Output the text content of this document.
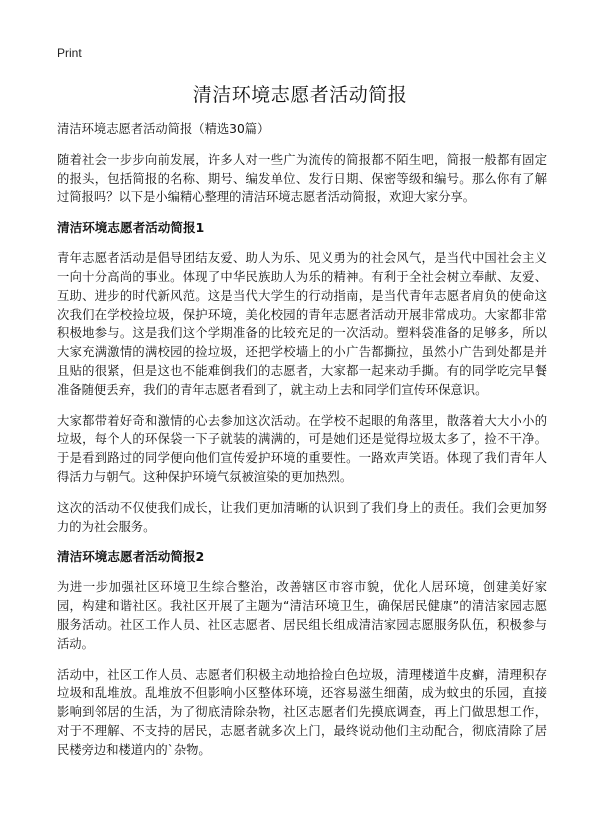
Print
清洁环境志愿者活动简报

清洁环境志愿者活动简报（精选30篇）

随着社会一步步向前发展，许多人对一些广为流传的简报都不陌生吧，简报一般都有固定的报头，包括简报的名称、期号、编发单位、发行日期、保密等级和编号。那么你有了解过简报吗？以下是小编精心整理的清洁环境志愿者活动简报，欢迎大家分享。

清洁环境志愿者活动简报1

青年志愿者活动是倡导团结友爱、助人为乐、见义勇为的社会风气，是当代中国社会主义一向十分高尚的事业。体现了中华民族助人为乐的精神。有利于全社会树立奉献、友爱、互助、进步的时代新风范。这是当代大学生的行动指南，是当代青年志愿者肩负的使命这次我们在学校捡垃圾，保护环境，美化校园的青年志愿者活动开展非常成功。大家都非常积极地参与。这是我们这个学期准备的比较充足的一次活动。塑料袋准备的足够多，所以大家充满激情的满校园的捡垃圾，还把学校墙上的小广告都撕拉，虽然小广告到处都是并且贴的很紧，但是这也不能难倒我们的志愿者，大家都一起来动手撕。有的同学吃完早餐准备随便丢弃，我们的青年志愿者看到了，就主动上去和同学们宣传环保意识。

大家都带着好奇和激情的心去参加这次活动。在学校不起眼的角落里，散落着大大小小的垃圾，每个人的环保袋一下子就装的满满的，可是她们还是觉得垃圾太多了，捡不干净。于是看到路过的同学便向他们宣传爱护环境的重要性。一路欢声笑语。体现了我们青年人得活力与朝气。这种保护环境气氛被渲染的更加热烈。

这次的活动不仅使我们成长，让我们更加清晰的认识到了我们身上的责任。我们会更加努力的为社会服务。

清洁环境志愿者活动简报2

为进一步加强社区环境卫生综合整治，改善辖区市容市貌，优化人居环境，创建美好家园，构建和谐社区。我社区开展了主题为“清洁环境卫生，确保居民健康”的清洁家园志愿服务活动。社区工作人员、社区志愿者、居民组长组成清洁家园志愿服务队伍，积极参与活动。

活动中，社区工作人员、志愿者们积极主动地拾捡白色垃圾，清理楼道牛皮癣，清理积存垃圾和乱堆放。乱堆放不但影响小区整体环境，还容易滋生细菌，成为蚊虫的乐园，直接影响到邻居的生活，为了彻底清除杂物，社区志愿者们先摸底调查，再上门做思想工作，对于不理解、不支持的居民，志愿者就多次上门，最终说动他们主动配合，彻底清除了居民楼旁边和楼道内的`杂物。
